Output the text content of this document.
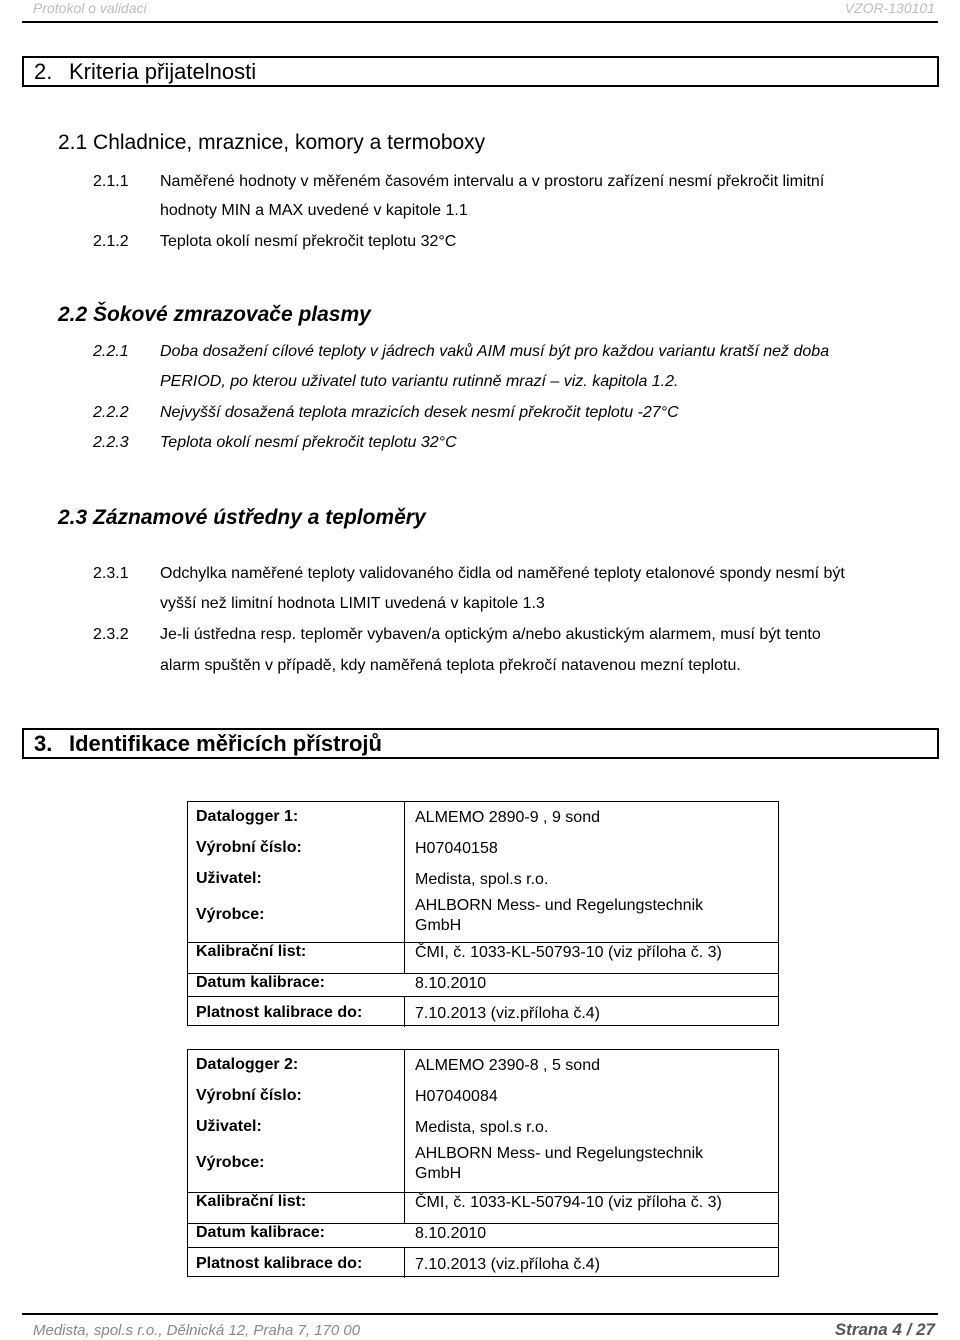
Protokol o validaci	VZOR-130101
2. Kriteria přijatelnosti
2.1 Chladnice, mraznice, komory a termoboxy
2.1.1 Naměřené hodnoty v měřeném časovém intervalu a v prostoru zařízení nesmí překročit limitní
hodnoty MIN a MAX uvedené v kapitole 1.1
2.1.2 Teplota okolí nesmí překročit teplotu 32°C
2.2 Šokové zmrazovače plasmy
2.2.1 Doba dosažení cílové teploty v jádrech vaků AIM musí být pro každou variantu kratší než doba
PERIOD, po kterou uživatel tuto variantu rutinně mrazí – viz. kapitola 1.2.
2.2.2 Nejvyšší dosažená teplota mrazicích desek nesmí překročit teplotu -27°C
2.2.3 Teplota okolí nesmí překročit teplotu 32°C
2.3 Záznamové ústředny a teploměry
2.3.1 Odchylka naměřené teploty validovaného čidla od naměřené teploty etalonové spondy nesmí být
vyšší než limitní hodnota LIMIT uvedená v kapitole 1.3
2.3.2 Je-li ústředna resp. teploměr vybaven/a optickým a/nebo akustickým alarmem, musí být tento
alarm spuštěn v případě, kdy naměřená teplota překročí natavenou mezní teplotu.
3. Identifikace měřicích přístrojů
Datalogger 1:	ALMEMO 2890-9 , 9 sond
Výrobní číslo:	H07040158
Uživatel:	Medista, spol.s r.o.
Výrobce:
AHLBORN Mess- und Regelungstechnik
GmbH
Kalibrační list:	ČMI, č. 1033-KL-50793-10 (viz příloha č. 3)
Datum kalibrace:	8.10.2010
Platnost kalibrace do:	7.10.2013 (viz.příloha č.4)
Datalogger 2:	ALMEMO 2390-8 , 5 sond
Výrobní číslo:	H07040084
Uživatel:	Medista, spol.s r.o.
Výrobce:
AHLBORN Mess- und Regelungstechnik
GmbH
Kalibrační list:	ČMI, č. 1033-KL-50794-10 (viz příloha č. 3)
Datum kalibrace:	8.10.2010
Platnost kalibrace do:	7.10.2013 (viz.příloha č.4)
Medista, spol.s r.o., Dělnická 12, Praha 7, 170 00	Strana 4 / 27
